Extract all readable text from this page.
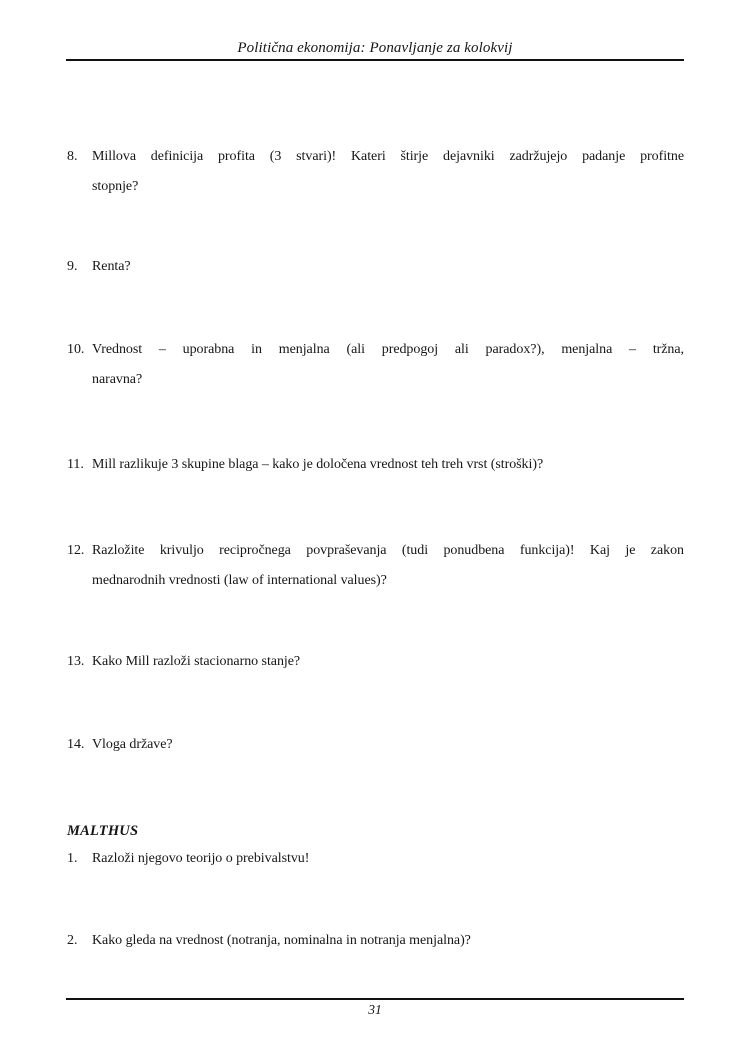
Politična ekonomija: Ponavljanje za kolokvij
8.	Millova definicija profita (3 stvari)! Kateri štirje dejavniki zadržujejo padanje profitne
stopnje?
9.	Renta?
10. Vrednost – uporabna in menjalna (ali predpogoj ali paradox?), menjalna – tržna,
naravna?
11. Mill razlikuje 3 skupine blaga – kako je določena vrednost teh treh vrst (stroški)?
12. Razložite krivuljo recipročnega povpraševanja (tudi ponudbena funkcija)! Kaj je zakon
mednarodnih vrednosti (law of international values)?
13. Kako Mill razloži stacionarno stanje?
14. Vloga države?
MALTHUS
1.	Razloži njegovo teorijo o prebivalstvu!
2.	Kako gleda na vrednost (notranja, nominalna in notranja menjalna)?
31
